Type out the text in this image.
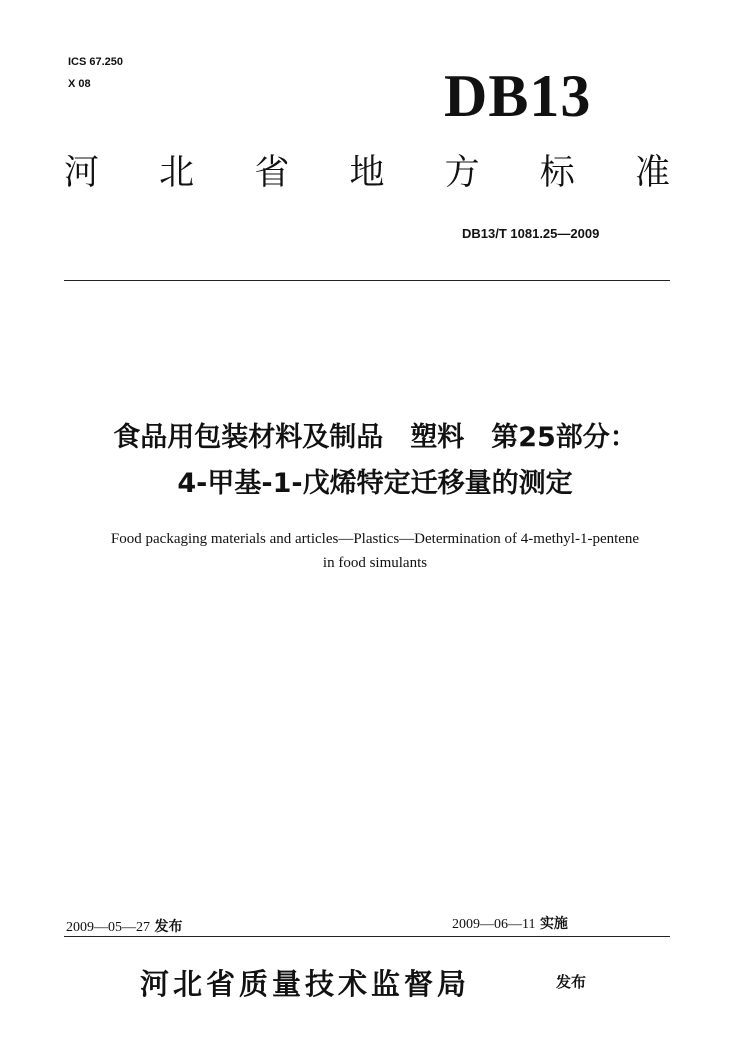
ICS 67.250
X 08	DB13
河 北 省 地 方 标 准
DB13/T 1081.25—2009
食品用包装材料及制品　塑料　第25部分：
4-甲基-1-戊烯特定迁移量的测定
Food packaging materials and articles—Plastics—Determination of 4-methyl-1-pentene
in food simulants
2009—05—27 发布	2009—06—11 实施
河北省质量技术监督局	发布
